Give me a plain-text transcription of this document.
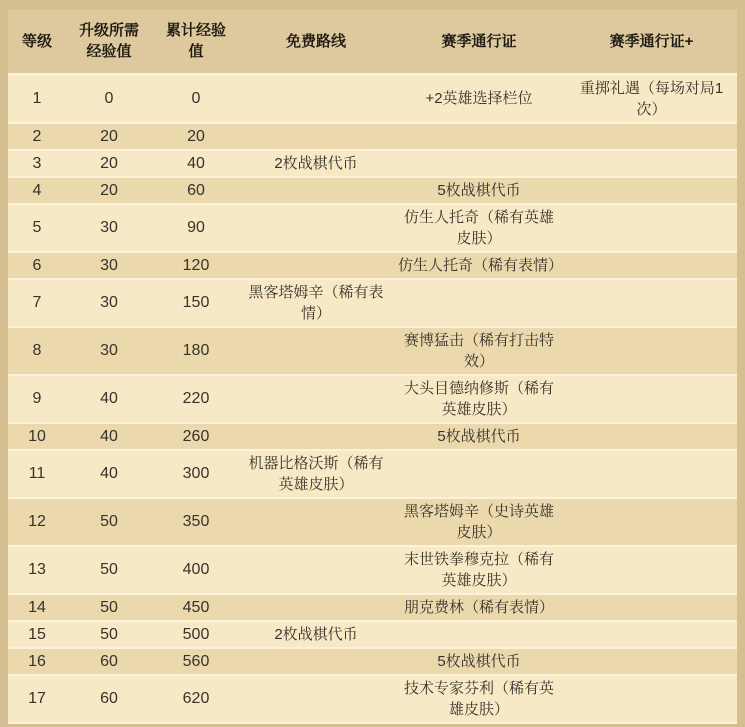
等级	升级所需经验值	累计经验值	免费路线	赛季通行证	赛季通行证+
1	0	0		+2英雄选择栏位	重掷礼遇（每场对局1次）
2	20	20			
3	20	40	2枚战棋代币		
4	20	60		5枚战棋代币	
5	30	90		仿生人托奇（稀有英雄皮肤）	
6	30	120		仿生人托奇（稀有表情）	
7	30	150	黑客塔姆辛（稀有表情）		
8	30	180		赛博猛击（稀有打击特效）	
9	40	220		大头目德纳修斯（稀有英雄皮肤）	
10	40	260		5枚战棋代币	
11	40	300	机器比格沃斯（稀有英雄皮肤）		
12	50	350		黑客塔姆辛（史诗英雄皮肤）	
13	50	400		末世铁拳穆克拉（稀有英雄皮肤）	
14	50	450		朋克费林（稀有表情）	
15	50	500	2枚战棋代币		
16	60	560		5枚战棋代币	
17	60	620		技术专家芬利（稀有英雄皮肤）	
